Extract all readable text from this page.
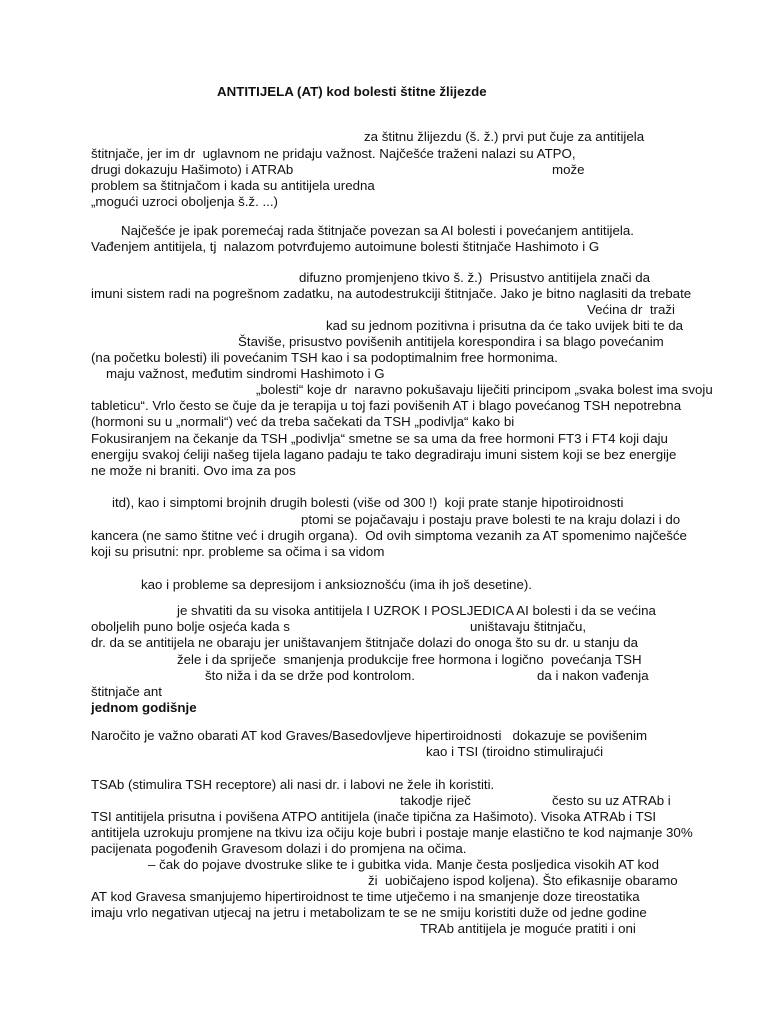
ANTITIJELA (AT) kod bolesti štitne žlijezde

za štitnu žlijezdu (š. ž.) prvi put čuje za antitijela

štitnjače, jer im dr  uglavnom ne pridaju važnost. Najčešće traženi nalazi su ATPO,

drugi dokazuju Hašimoto) i ATRAb	može

problem sa štitnjačom i kada su antitijela uredna

„mogući uzroci oboljenja š.ž. ...)

Najčešće je ipak poremećaj rada štitnjače povezan sa AI bolesti i povećanjem antitijela.

Vađenjem antitijela, tj  nalazom potvrđujemo autoimune bolesti štitnjače Hashimoto i G

difuzno promjenjeno tkivo š. ž.)  Prisustvo antitijela znači da

imuni sistem radi na pogrešnom zadatku, na autodestrukciji štitnjače. Jako je bitno naglasiti da trebate

Većina dr  traži

kad su jednom pozitivna i prisutna da će tako uvijek biti te da

Štaviše, prisustvo povišenih antitijela korespondira i sa blago povećanim

(na početku bolesti) ili povećanim TSH kao i sa podoptimalnim free hormonima.

maju važnost, međutim sindromi Hashimoto i G

„bolesti“ koje dr  naravno pokušavaju liječiti principom „svaka bolest ima svoju

tableticu“. Vrlo često se čuje da je terapija u toj fazi povišenih AT i blago povećanog TSH nepotrebna

(hormoni su u „normali“) već da treba sačekati da TSH „podivlja“ kako bi

Fokusiranjem na čekanje da TSH „podivlja“ smetne se sa uma da free hormoni FT3 i FT4 koji daju

energiju svakoj ćeliji našeg tijela lagano padaju te tako degradiraju imuni sistem koji se bez energije

ne može ni braniti. Ovo ima za pos

itd), kao i simptomi brojnih drugih bolesti (više od 300 !)  koji prate stanje hipotiroidnosti

ptomi se pojačavaju i postaju prave bolesti te na kraju dolazi i do

kancera (ne samo štitne već i drugih organa).  Od ovih simptoma vezanih za AT spomenimo najčešće

koji su prisutni: npr. probleme sa očima i sa vidom

kao i probleme sa depresijom i anksioznošću (ima ih još desetine).

je shvatiti da su visoka antitijela I UZROK I POSLJEDICA AI bolesti i da se većina

oboljelih puno bolje osjeća kada s	uništavaju štitnjaču,

dr. da se antitijela ne obaraju jer uništavanjem štitnjače dolazi do onoga što su dr. u stanju da

žele i da spriječe  smanjenja produkcije free hormona i logično  povećanja TSH

što niža i da se drže pod kontrolom.	da i nakon vađenja

štitnjače ant

jednom godišnje

Naročito je važno obarati AT kod Graves/Basedovljeve hipertiroidnosti   dokazuje se povišenim

kao i TSI (tiroidno stimulirajući

TSAb (stimulira TSH receptore) ali nasi dr. i labovi ne žele ih koristiti.

takodje riječ	često su uz ATRAb i

TSI antitijela prisutna i povišena ATPO antitijela (inače tipična za Hašimoto). Visoka ATRAb i TSI

antitijela uzrokuju promjene na tkivu iza očiju koje bubri i postaje manje elastično te kod najmanje 30%

pacijenata pogođenih Gravesom dolazi i do promjena na očima.

– čak do pojave dvostruke slike te i gubitka vida. Manje česta posljedica visokih AT kod

ži  uobičajeno ispod koljena). Što efikasnije obaramo

AT kod Gravesa smanjujemo hipertiroidnost te time utječemo i na smanjenje doze tireostatika

imaju vrlo negativan utjecaj na jetru i metabolizam te se ne smiju koristiti duže od jedne godine

TRAb antitijela je moguće pratiti i oni
